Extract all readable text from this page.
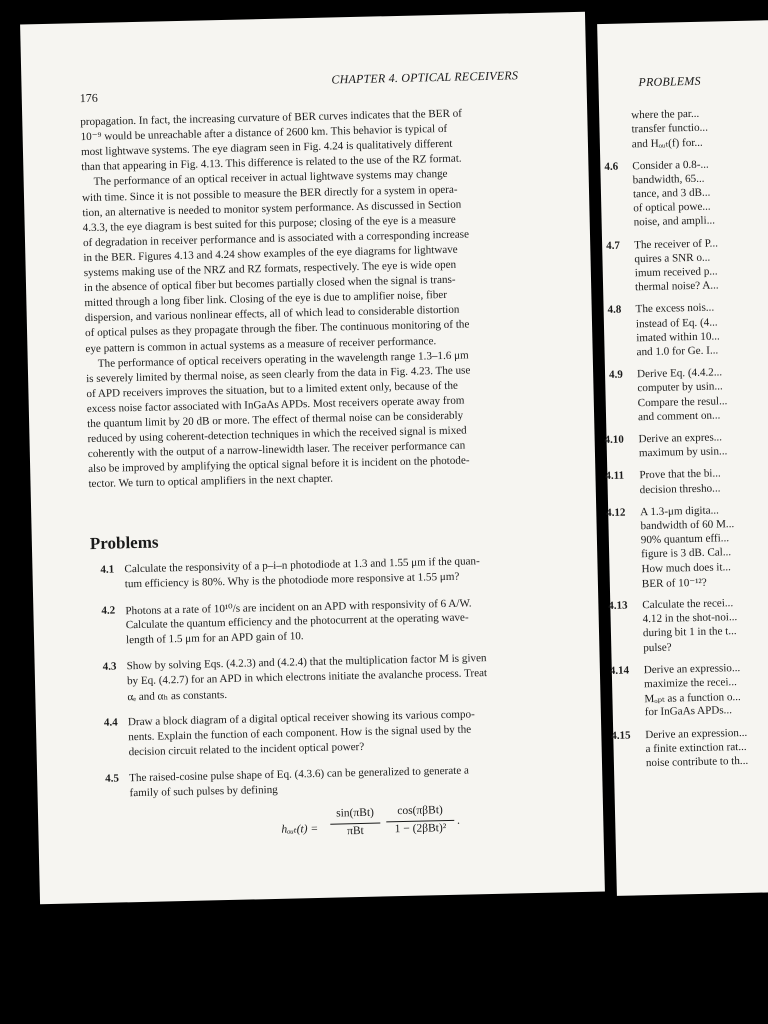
176
CHAPTER 4. OPTICAL RECEIVERS
propagation. In fact, the increasing curvature of BER curves indicates that the BER of
10⁻⁹ would be unreachable after a distance of 2600 km. This behavior is typical of
most lightwave systems. The eye diagram seen in Fig. 4.24 is qualitatively different
than that appearing in Fig. 4.13. This difference is related to the use of the RZ format.
The performance of an optical receiver in actual lightwave systems may change
with time. Since it is not possible to measure the BER directly for a system in opera-
tion, an alternative is needed to monitor system performance. As discussed in Section
4.3.3, the eye diagram is best suited for this purpose; closing of the eye is a measure
of degradation in receiver performance and is associated with a corresponding increase
in the BER. Figures 4.13 and 4.24 show examples of the eye diagrams for lightwave
systems making use of the NRZ and RZ formats, respectively. The eye is wide open
in the absence of optical fiber but becomes partially closed when the signal is trans-
mitted through a long fiber link. Closing of the eye is due to amplifier noise, fiber
dispersion, and various nonlinear effects, all of which lead to considerable distortion
of optical pulses as they propagate through the fiber. The continuous monitoring of the
eye pattern is common in actual systems as a measure of receiver performance.
The performance of optical receivers operating in the wavelength range 1.3–1.6 μm
is severely limited by thermal noise, as seen clearly from the data in Fig. 4.23. The use
of APD receivers improves the situation, but to a limited extent only, because of the
excess noise factor associated with InGaAs APDs. Most receivers operate away from
the quantum limit by 20 dB or more. The effect of thermal noise can be considerably
reduced by using coherent-detection techniques in which the received signal is mixed
coherently with the output of a narrow-linewidth laser. The receiver performance can
also be improved by amplifying the optical signal before it is incident on the photode-
tector. We turn to optical amplifiers in the next chapter.
Problems
4.1 Calculate the responsivity of a p–i–n photodiode at 1.3 and 1.55 μm if the quan-
tum efficiency is 80%. Why is the photodiode more responsive at 1.55 μm?
4.2 Photons at a rate of 10¹⁰/s are incident on an APD with responsivity of 6 A/W.
Calculate the quantum efficiency and the photocurrent at the operating wave-
length of 1.5 μm for an APD gain of 10.
4.3 Show by solving Eqs. (4.2.3) and (4.2.4) that the multiplication factor M is given
by Eq. (4.2.7) for an APD in which electrons initiate the avalanche process. Treat
αₑ and αₕ as constants.
4.4 Draw a block diagram of a digital optical receiver showing its various compo-
nents. Explain the function of each component. How is the signal used by the
decision circuit related to the incident optical power?
4.5 The raised-cosine pulse shape of Eq. (4.3.6) can be generalized to generate a
family of such pulses by defining
hₒᵤₜ(t) =
sin(πBt)
πBt
cos(πβBt)
1 − (2βBt)²
.
PROBLEMS
where the par...
transfer functio...
and Hₒᵤₜ(f) for...
4.6 Consider a 0.8-...
bandwidth, 65...
tance, and 3 dB...
of optical powe...
noise, and ampli...
4.7 The receiver of P...
quires a SNR o...
imum received p...
thermal noise? A...
4.8 The excess nois...
instead of Eq. (4...
imated within 10...
and 1.0 for Ge. I...
4.9 Derive Eq. (4.4.2...
computer by usin...
Compare the resul...
and comment on...
4.10 Derive an expres...
maximum by usin...
4.11 Prove that the bi...
decision thresho...
4.12 A 1.3-μm digita...
bandwidth of 60 M...
90% quantum effi...
figure is 3 dB. Cal...
How much does it...
BER of 10⁻¹²?
4.13 Calculate the recei...
4.12 in the shot-noi...
during bit 1 in the t...
pulse?
4.14 Derive an expressio...
maximize the recei...
Mₒₚₜ as a function o...
for InGaAs APDs...
4.15 Derive an expression...
a finite extinction rat...
noise contribute to th...
